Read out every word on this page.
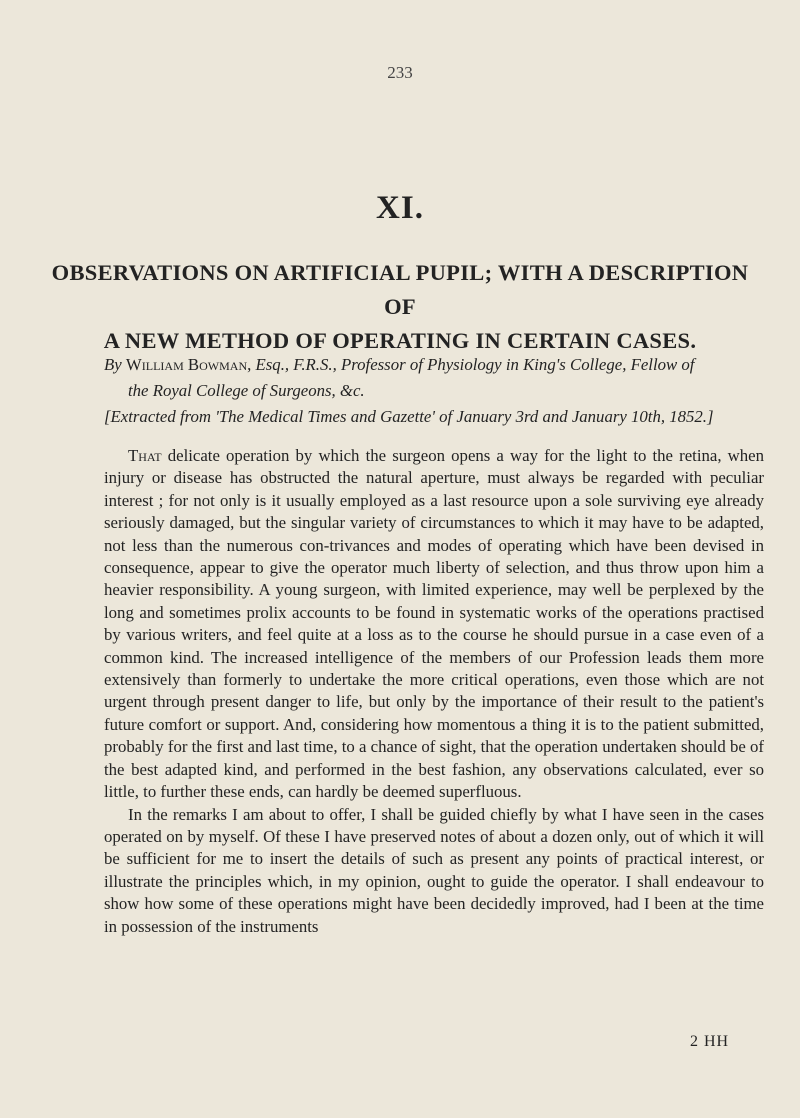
233
XI.
OBSERVATIONS ON ARTIFICIAL PUPIL; WITH A DESCRIPTION OF
A NEW METHOD OF OPERATING IN CERTAIN CASES.
By William Bowman, Esq., F.R.S., Professor of Physiology in King's College, Fellow of
the Royal College of Surgeons, &c.
[Extracted from 'The Medical Times and Gazette' of January 3rd and January 10th, 1852.]

That delicate operation by which the surgeon opens a way for the light to the retina, when injury or disease has obstructed the natural aperture, must always be regarded with peculiar interest ; for not only is it usually employed as a last resource upon a sole surviving eye already seriously damaged, but the singular variety of circumstances to which it may have to be adapted, not less than the numerous con-trivances and modes of operating which have been devised in consequence, appear to give the operator much liberty of selection, and thus throw upon him a heavier responsibility. A young surgeon, with limited experience, may well be perplexed by the long and sometimes prolix accounts to be found in systematic works of the operations practised by various writers, and feel quite at a loss as to the course he should pursue in a case even of a common kind. The increased intelligence of the members of our Profession leads them more extensively than formerly to undertake the more critical operations, even those which are not urgent through present danger to life, but only by the importance of their result to the patient's future comfort or support. And, considering how momentous a thing it is to the patient submitted, probably for the first and last time, to a chance of sight, that the operation undertaken should be of the best adapted kind, and performed in the best fashion, any observations calculated, ever so little, to further these ends, can hardly be deemed superfluous.

In the remarks I am about to offer, I shall be guided chiefly by what I have seen in the cases operated on by myself. Of these I have preserved notes of about a dozen only, out of which it will be sufficient for me to insert the details of such as present any points of practical interest, or illustrate the principles which, in my opinion, ought to guide the operator. I shall endeavour to show how some of these operations might have been decidedly improved, had I been at the time in possession of the instruments

2 HH
